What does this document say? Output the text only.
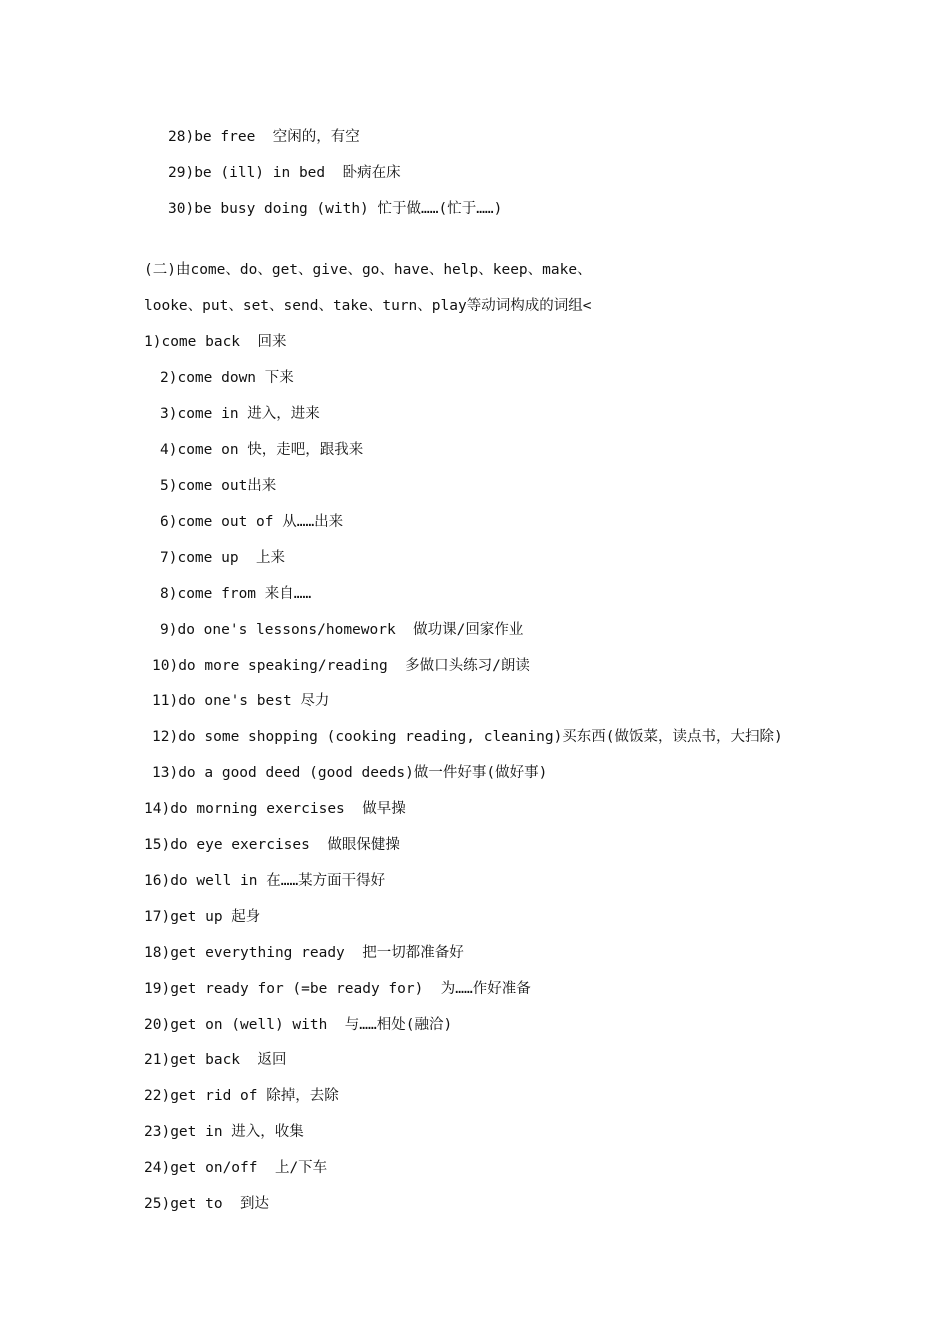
28)be free  空闲的，有空
29)be (ill) in bed  卧病在床
30)be busy doing (with) 忙于做……(忙于……)
(二)由come、do、get、give、go、have、help、keep、make、
looke、put、set、send、take、turn、play等动词构成的词组<
1)come back  回来
2)come down 下来
3)come in 进入，进来
4)come on 快，走吧，跟我来
5)come out出来
6)come out of 从……出来
7)come up  上来
8)come from 来自……
9)do one's lessons/homework  做功课/回家作业
10)do more speaking/reading  多做口头练习/朗读
11)do one's best 尽力
12)do some shopping (cooking reading, cleaning)买东西(做饭菜，读点书，大扫除)
13)do a good deed (good deeds)做一件好事(做好事)
14)do morning exercises  做早操
15)do eye exercises  做眼保健操
16)do well in 在……某方面干得好
17)get up 起身
18)get everything ready  把一切都准备好
19)get ready for (=be ready for)  为……作好准备
20)get on (well) with  与……相处(融洽)
21)get back  返回
22)get rid of 除掉，去除
23)get in 进入，收集
24)get on/off  上/下车
25)get to  到达
